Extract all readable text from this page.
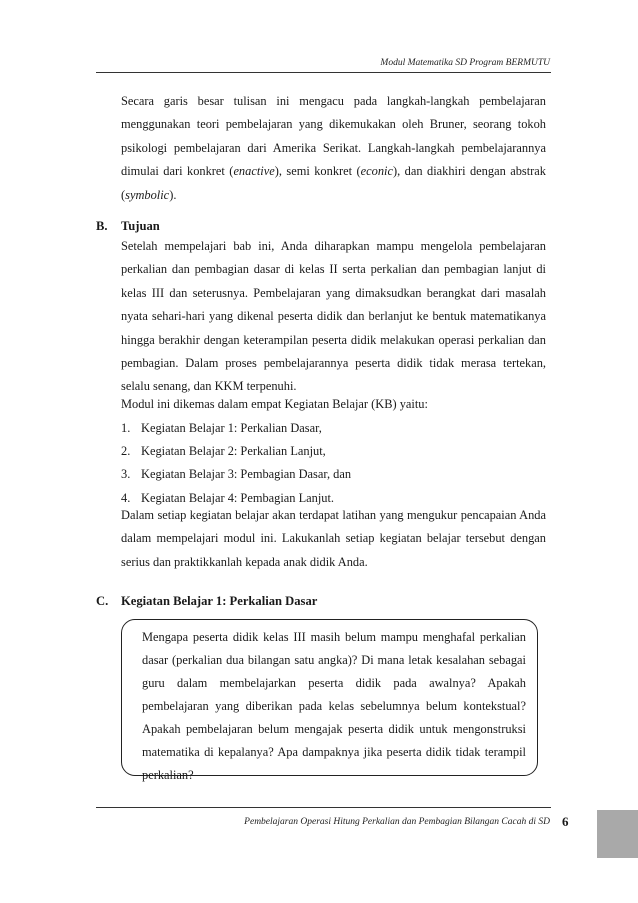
Modul Matematika SD Program BERMUTU

Secara garis besar tulisan ini mengacu pada langkah-langkah pembelajaran menggunakan teori pembelajaran yang dikemukakan oleh Bruner, seorang tokoh psikologi pembelajaran dari Amerika Serikat. Langkah-langkah pembelajarannya dimulai dari konkret (enactive), semi konkret (econic), dan diakhiri dengan abstrak (symbolic).

B. Tujuan

Setelah mempelajari bab ini, Anda diharapkan mampu mengelola pembelajaran perkalian dan pembagian dasar di kelas II serta perkalian dan pembagian lanjut di kelas III dan seterusnya. Pembelajaran yang dimaksudkan berangkat dari masalah nyata sehari-hari yang dikenal peserta didik dan berlanjut ke bentuk matematikanya hingga berakhir dengan keterampilan peserta didik melakukan operasi perkalian dan pembagian. Dalam proses pembelajarannya peserta didik tidak merasa tertekan, selalu senang, dan KKM terpenuhi.

Modul ini dikemas dalam empat Kegiatan Belajar (KB) yaitu:

1. Kegiatan Belajar 1: Perkalian Dasar,
2. Kegiatan Belajar 2: Perkalian Lanjut,
3. Kegiatan Belajar 3: Pembagian Dasar, dan
4. Kegiatan Belajar 4: Pembagian Lanjut.

Dalam setiap kegiatan belajar akan terdapat latihan yang mengukur pencapaian Anda dalam mempelajari modul ini. Lakukanlah setiap kegiatan belajar tersebut dengan serius dan praktikkanlah kepada anak didik Anda.

C. Kegiatan Belajar 1: Perkalian Dasar

Mengapa peserta didik kelas III masih belum mampu menghafal perkalian dasar (perkalian dua bilangan satu angka)? Di mana letak kesalahan sebagai guru dalam membelajarkan peserta didik pada awalnya? Apakah pembelajaran yang diberikan pada kelas sebelumnya belum kontekstual? Apakah pembelajaran belum mengajak peserta didik untuk mengonstruksi matematika di kepalanya? Apa dampaknya jika peserta didik tidak terampil perkalian?

Pembelajaran Operasi Hitung Perkalian dan Pembagian Bilangan Cacah di SD 6
